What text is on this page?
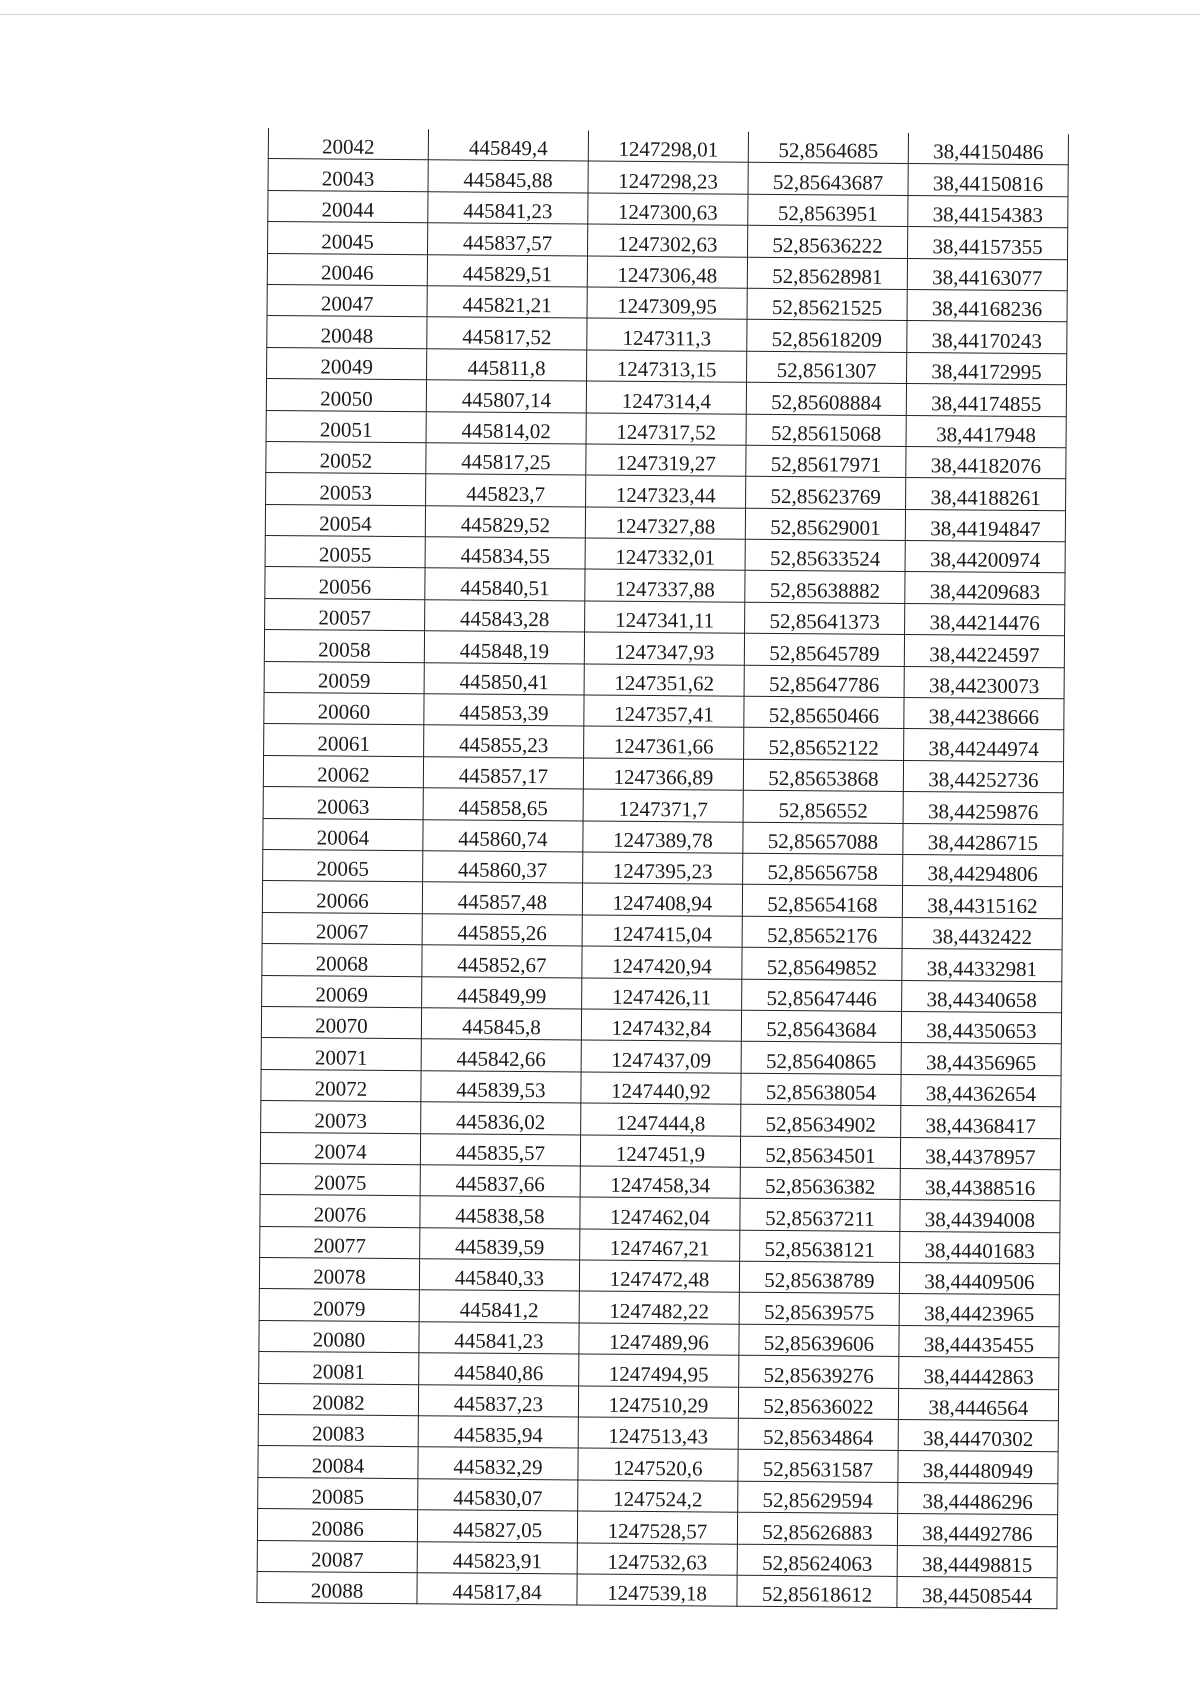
20042	445849,4	1247298,01	52,8564685	38,44150486
20043	445845,88	1247298,23	52,85643687	38,44150816
20044	445841,23	1247300,63	52,8563951	38,44154383
20045	445837,57	1247302,63	52,85636222	38,44157355
20046	445829,51	1247306,48	52,85628981	38,44163077
20047	445821,21	1247309,95	52,85621525	38,44168236
20048	445817,52	1247311,3	52,85618209	38,44170243
20049	445811,8	1247313,15	52,8561307	38,44172995
20050	445807,14	1247314,4	52,85608884	38,44174855
20051	445814,02	1247317,52	52,85615068	38,4417948
20052	445817,25	1247319,27	52,85617971	38,44182076
20053	445823,7	1247323,44	52,85623769	38,44188261
20054	445829,52	1247327,88	52,85629001	38,44194847
20055	445834,55	1247332,01	52,85633524	38,44200974
20056	445840,51	1247337,88	52,85638882	38,44209683
20057	445843,28	1247341,11	52,85641373	38,44214476
20058	445848,19	1247347,93	52,85645789	38,44224597
20059	445850,41	1247351,62	52,85647786	38,44230073
20060	445853,39	1247357,41	52,85650466	38,44238666
20061	445855,23	1247361,66	52,85652122	38,44244974
20062	445857,17	1247366,89	52,85653868	38,44252736
20063	445858,65	1247371,7	52,856552	38,44259876
20064	445860,74	1247389,78	52,85657088	38,44286715
20065	445860,37	1247395,23	52,85656758	38,44294806
20066	445857,48	1247408,94	52,85654168	38,44315162
20067	445855,26	1247415,04	52,85652176	38,4432422
20068	445852,67	1247420,94	52,85649852	38,44332981
20069	445849,99	1247426,11	52,85647446	38,44340658
20070	445845,8	1247432,84	52,85643684	38,44350653
20071	445842,66	1247437,09	52,85640865	38,44356965
20072	445839,53	1247440,92	52,85638054	38,44362654
20073	445836,02	1247444,8	52,85634902	38,44368417
20074	445835,57	1247451,9	52,85634501	38,44378957
20075	445837,66	1247458,34	52,85636382	38,44388516
20076	445838,58	1247462,04	52,85637211	38,44394008
20077	445839,59	1247467,21	52,85638121	38,44401683
20078	445840,33	1247472,48	52,85638789	38,44409506
20079	445841,2	1247482,22	52,85639575	38,44423965
20080	445841,23	1247489,96	52,85639606	38,44435455
20081	445840,86	1247494,95	52,85639276	38,44442863
20082	445837,23	1247510,29	52,85636022	38,4446564
20083	445835,94	1247513,43	52,85634864	38,44470302
20084	445832,29	1247520,6	52,85631587	38,44480949
20085	445830,07	1247524,2	52,85629594	38,44486296
20086	445827,05	1247528,57	52,85626883	38,44492786
20087	445823,91	1247532,63	52,85624063	38,44498815
20088	445817,84	1247539,18	52,85618612	38,44508544
